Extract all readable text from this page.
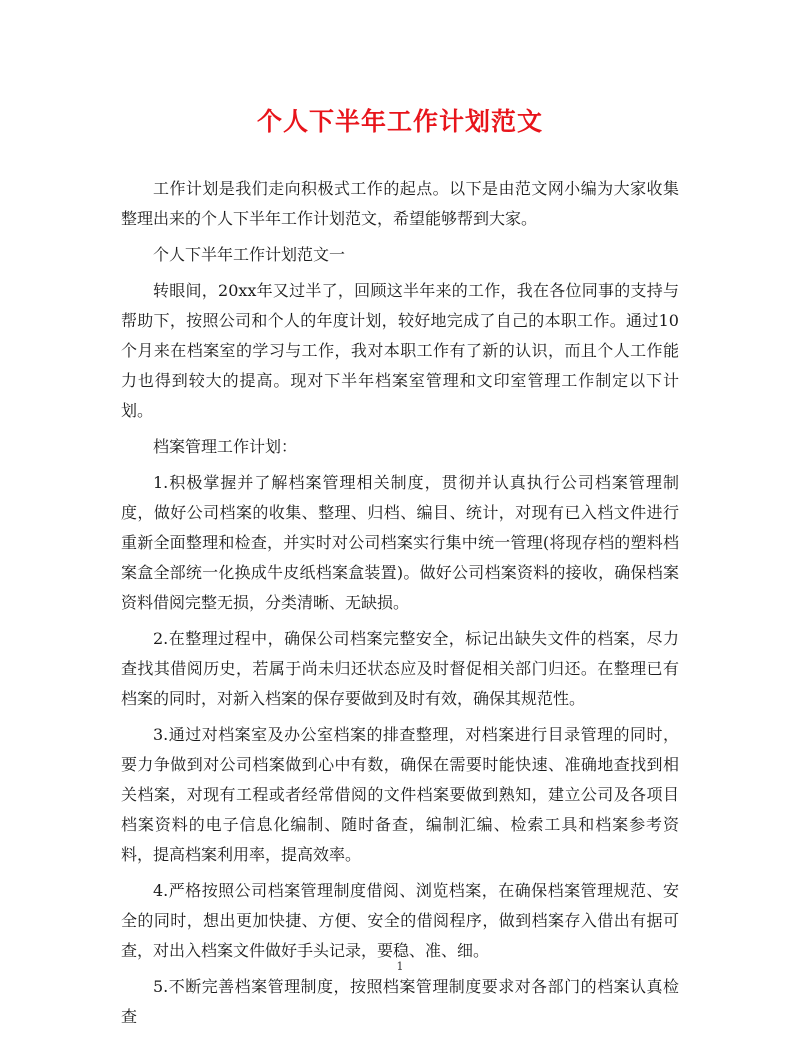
个人下半年工作计划范文

工作计划是我们走向积极式工作的起点。以下是由范文网小编为大家收集整理出来的个人下半年工作计划范文，希望能够帮到大家。

个人下半年工作计划范文一

转眼间，20xx年又过半了，回顾这半年来的工作，我在各位同事的支持与帮助下，按照公司和个人的年度计划，较好地完成了自己的本职工作。通过10个月来在档案室的学习与工作，我对本职工作有了新的认识，而且个人工作能力也得到较大的提高。现对下半年档案室管理和文印室管理工作制定以下计划。

档案管理工作计划：

1.积极掌握并了解档案管理相关制度，贯彻并认真执行公司档案管理制度，做好公司档案的收集、整理、归档、编目、统计，对现有已入档文件进行重新全面整理和检查，并实时对公司档案实行集中统一管理(将现存档的塑料档案盒全部统一化换成牛皮纸档案盒装置)。做好公司档案资料的接收，确保档案资料借阅完整无损，分类清晰、无缺损。

2.在整理过程中，确保公司档案完整安全，标记出缺失文件的档案，尽力查找其借阅历史，若属于尚未归还状态应及时督促相关部门归还。在整理已有档案的同时，对新入档案的保存要做到及时有效，确保其规范性。

3.通过对档案室及办公室档案的排查整理，对档案进行目录管理的同时，要力争做到对公司档案做到心中有数，确保在需要时能快速、准确地查找到相关档案，对现有工程或者经常借阅的文件档案要做到熟知，建立公司及各项目档案资料的电子信息化编制、随时备查，编制汇编、检索工具和档案参考资料，提高档案利用率，提高效率。

4.严格按照公司档案管理制度借阅、浏览档案，在确保档案管理规范、安全的同时，想出更加快捷、方便、安全的借阅程序，做到档案存入借出有据可查，对出入档案文件做好手头记录，要稳、准、细。

5.不断完善档案管理制度，按照档案管理制度要求对各部门的档案认真检查

1
